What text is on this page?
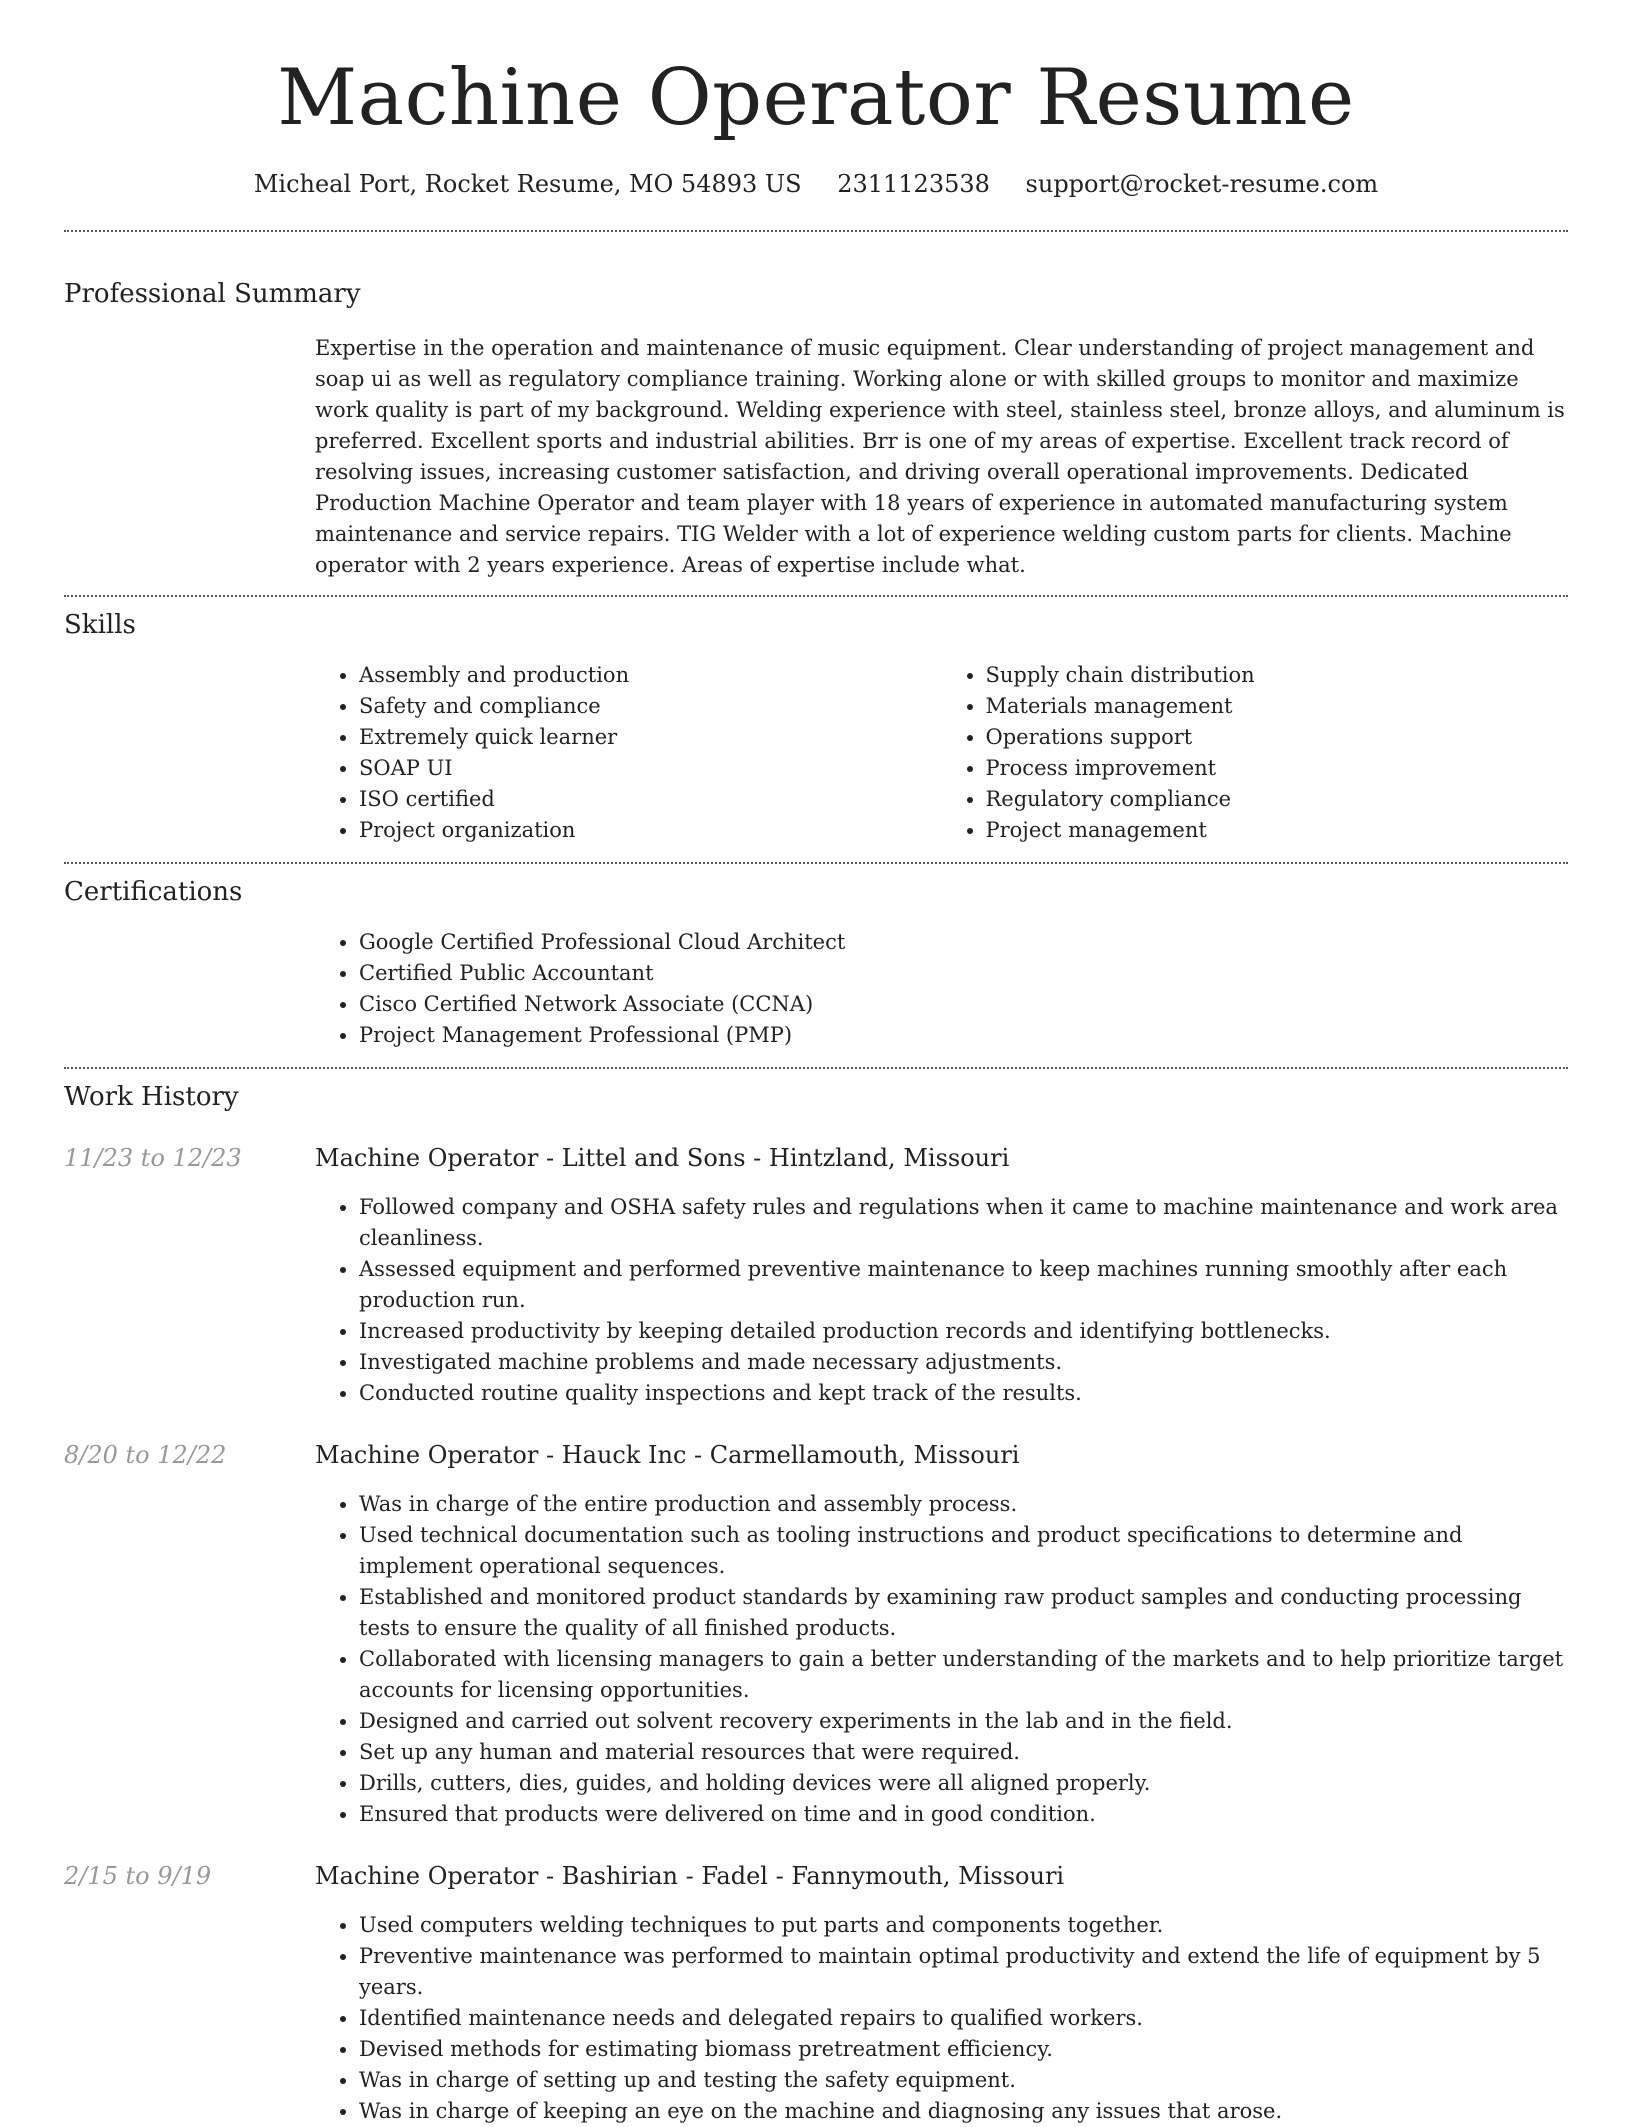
Machine Operator Resume
Micheal Port, Rocket Resume, MO 54893 US 2311123538 support@rocket-resume.com
Professional Summary
Expertise in the operation and maintenance of music equipment. Clear understanding of project management and soap ui as well as regulatory compliance training. Working alone or with skilled groups to monitor and maximize work quality is part of my background. Welding experience with steel, stainless steel, bronze alloys, and aluminum is preferred. Excellent sports and industrial abilities. Brr is one of my areas of expertise. Excellent track record of resolving issues, increasing customer satisfaction, and driving overall operational improvements. Dedicated Production Machine Operator and team player with 18 years of experience in automated manufacturing system maintenance and service repairs. TIG Welder with a lot of experience welding custom parts for clients. Machine operator with 2 years experience. Areas of expertise include what.
Skills
• Assembly and production
• Safety and compliance
• Extremely quick learner
• SOAP UI
• ISO certified
• Project organization
• Supply chain distribution
• Materials management
• Operations support
• Process improvement
• Regulatory compliance
• Project management
Certifications
• Google Certified Professional Cloud Architect
• Certified Public Accountant
• Cisco Certified Network Associate (CCNA)
• Project Management Professional (PMP)
Work History
11/23 to 12/23	Machine Operator - Littel and Sons - Hintzland, Missouri
• Followed company and OSHA safety rules and regulations when it came to machine maintenance and work area cleanliness.
• Assessed equipment and performed preventive maintenance to keep machines running smoothly after each production run.
• Increased productivity by keeping detailed production records and identifying bottlenecks.
• Investigated machine problems and made necessary adjustments.
• Conducted routine quality inspections and kept track of the results.
8/20 to 12/22	Machine Operator - Hauck Inc - Carmellamouth, Missouri
• Was in charge of the entire production and assembly process.
• Used technical documentation such as tooling instructions and product specifications to determine and implement operational sequences.
• Established and monitored product standards by examining raw product samples and conducting processing tests to ensure the quality of all finished products.
• Collaborated with licensing managers to gain a better understanding of the markets and to help prioritize target accounts for licensing opportunities.
• Designed and carried out solvent recovery experiments in the lab and in the field.
• Set up any human and material resources that were required.
• Drills, cutters, dies, guides, and holding devices were all aligned properly.
• Ensured that products were delivered on time and in good condition.
2/15 to 9/19	Machine Operator - Bashirian - Fadel - Fannymouth, Missouri
• Used computers welding techniques to put parts and components together.
• Preventive maintenance was performed to maintain optimal productivity and extend the life of equipment by 5 years.
• Identified maintenance needs and delegated repairs to qualified workers.
• Devised methods for estimating biomass pretreatment efficiency.
• Was in charge of setting up and testing the safety equipment.
• Was in charge of keeping an eye on the machine and diagnosing any issues that arose.
